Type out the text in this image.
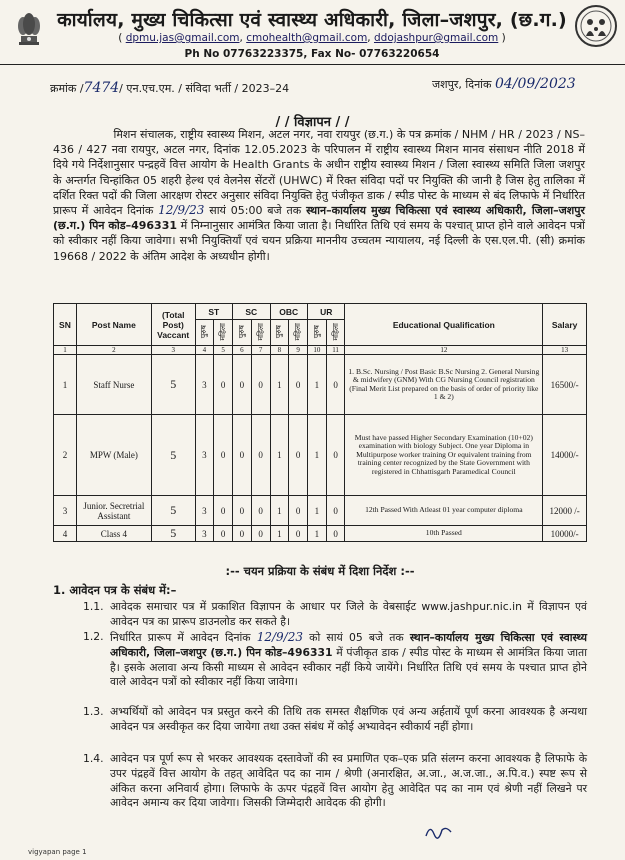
कार्यालय, मुख्य चिकित्सा एवं स्वास्थ्य अधिकारी, जिला–जशपुर, (छ.ग.)
( dpmu.jas@gmail.com, cmohealth@gmail.com, ddojashpur@gmail.com )
Ph No 07763223375, Fax No- 07763220654
क्रमांक /7474/ एन.एच.एम. / संविदा भर्ती / 2023–24	जशपुर, दिनांक 04/09/2023
/ / विज्ञापन / /
मिशन संचालक, राष्ट्रीय स्वास्थ्य मिशन, अटल नगर, नवा रायपुर (छ.ग.) के पत्र क्रमांक / NHM / HR / 2023 / NS–436 / 427 नवा रायपुर, अटल नगर, दिनांक 12.05.2023 के परिपालन में राष्ट्रीय स्वास्थ्य मिशन मानव संसाधन नीति 2018 में दिये गये निर्देशानुसार पन्द्रहवें वित्त आयोग के Health Grants के अधीन राष्ट्रीय स्वास्थ्य मिशन / जिला स्वास्थ्य समिति जिला जशपुर के अन्तर्गत चिन्हांकित 05 शहरी हेल्थ एवं वेलनेस सेंटरों (UHWC) में रिक्त संविदा पदों पर नियुक्ति की जानी है जिस हेतु तालिका में दर्शित रिक्त पदों की जिला आरक्षण रोस्टर अनुसार संविदा नियुक्ति हेतु पंजीकृत डाक / स्पीड पोस्ट के माध्यम से बंद लिफाफे में निर्धारित प्रारूप में आवेदन दिनांक 12/9/23 सायं 05:00 बजे तक स्थान–कार्यालय मुख्य चिकित्सा एवं स्वास्थ्य अधिकारी, जिला–जशपुर (छ.ग.) पिन कोड–496331 में निम्नानुसार आमंत्रित किया जाता है। निर्धारित तिथि एवं समय के पश्चात् प्राप्त होने वाले आवेदन पत्रों को स्वीकार नहीं किया जावेगा। सभी नियुक्तियाँ एवं चयन प्रक्रिया माननीय उच्चतम न्यायालय, नई दिल्ली के एस.एल.पी. (सी) क्रमांक 19668 / 2022 के अंतिम आदेश के अध्यधीन होगी।
SN	Post Name	(Total Post) Vaccant	ST		SC		OBC		UR		Educational Qualification	Salary
			पुरुष	महिला	पुरुष	महिला	पुरुष	महिला	पुरुष	महिला		
1	2	3	4	5	6	7	8	9	10	11	12	13
1	Staff Nurse	5	3	0	0	0	1	0	1	0	1. B.Sc. Nursing / Post Basic B.Sc Nursing 2. General Nursing & midwifery (GNM) With CG Nursing Council registration (Final Merit List prepared on the basis of order of priority like 1 & 2)	16500/-
2	MPW (Male)	5	3	0	0	0	1	0	1	0	Must have passed Higher Secondary Examination (10+02) examination with biology Subject. One year Diploma in Multipurpose worker training Or equivalent training from training center recognized by the State Government with registered in Chhattisgarh Paramedical Council	14000/-
3	Junior. Secretrial Assistant	5	3	0	0	0	1	0	1	0	12th Passed With Atleast 01 year computer diploma	12000 /-
4	Class 4	5	3	0	0	0	1	0	1	0	10th Passed	10000/-
:-- चयन प्रक्रिया के संबंध में दिशा निर्देश :--
1. आवेदन पत्र के संबंध में:–
1.1. आवेदक समाचार पत्र में प्रकाशित विज्ञापन के आधार पर जिले के वेबसाईट www.jashpur.nic.in में विज्ञापन एवं आवेदन पत्र का प्रारूप डाउनलोड कर सकते है।
1.2. निर्धारित प्रारूप में आवेदन दिनांक 12/9/23 को सायं 05 बजे तक स्थान–कार्यालय मुख्य चिकित्सा एवं स्वास्थ्य अधिकारी, जिला–जशपुर (छ.ग.) पिन कोड–496331 में पंजीकृत डाक / स्पीड पोस्ट के माध्यम से आमंत्रित किया जाता है। इसके अलावा अन्य किसी माध्यम से आवेदन स्वीकार नहीं किये जायेंगे। निर्धारित तिथि एवं समय के पश्चात प्राप्त होने वाले आवेदन पत्रों को स्वीकार नहीं किया जावेगा।
1.3. अभ्यर्थियों को आवेदन पत्र प्रस्तुत करने की तिथि तक समस्त शैक्षणिक एवं अन्य अर्हतायें पूर्ण करना आवश्यक है अन्यथा आवेदन पत्र अस्वीकृत कर दिया जायेगा तथा उक्त संबंध में कोई अभ्यावेदन स्वीकार्य नहीं होगा।
1.4. आवेदन पत्र पूर्ण रूप से भरकर आवश्यक दस्तावेजों की स्व प्रमाणित एक–एक प्रति संलग्न करना आवश्यक है लिफाफे के उपर पंद्रहवें वित्त आयोग के तहत् आवेदित पद का नाम / श्रेणी (अनारक्षित, अ.जा., अ.ज.जा., अ.पि.व.) स्पष्ट रूप से अंकित करना अनिवार्य होगा। लिफाफे के ऊपर पंद्रहवें वित्त आयोग हेतु आवेदित पद का नाम एवं श्रेणी नहीं लिखने पर आवेदन अमान्य कर दिया जावेगा। जिसकी जिम्मेदारी आवेदक की होगी।
vigyapan page 1
